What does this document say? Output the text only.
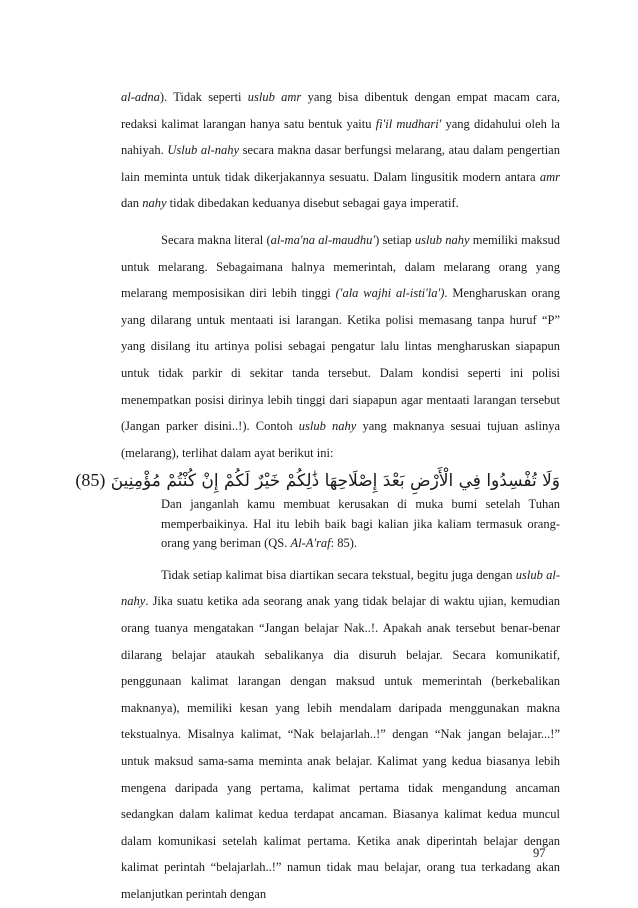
al-adna). Tidak seperti uslub amr yang bisa dibentuk dengan empat macam cara, redaksi kalimat larangan hanya satu bentuk yaitu fi'il mudhari' yang didahului oleh la nahiyah. Uslub al-nahy secara makna dasar berfungsi melarang, atau dalam pengertian lain meminta untuk tidak dikerjakannya sesuatu. Dalam lingusitik modern antara amr dan nahy tidak dibedakan keduanya disebut sebagai gaya imperatif.

Secara makna literal (al-ma'na al-maudhu') setiap uslub nahy memiliki maksud untuk melarang. Sebagaimana halnya memerintah, dalam melarang orang yang melarang memposisikan diri lebih tinggi ('ala wajhi al-isti'la'). Mengharuskan orang yang dilarang untuk mentaati isi larangan. Ketika polisi memasang tanpa huruf “P” yang disilang itu artinya polisi sebagai pengatur lalu lintas mengharuskan siapapun untuk tidak parkir di sekitar tanda tersebut. Dalam kondisi seperti ini polisi menempatkan posisi dirinya lebih tinggi dari siapapun agar mentaati larangan tersebut (Jangan parker disini..!). Contoh uslub nahy yang maknanya sesuai tujuan aslinya (melarang), terlihat dalam ayat berikut ini:

وَلَا تُفْسِدُوا فِي الْأَرْضِ بَعْدَ إِصْلَاحِهَا ذَٰلِكُمْ خَيْرٌ لَكُمْ إِنْ كُنْتُمْ مُؤْمِنِينَ (85)

Dan janganlah kamu membuat kerusakan di muka bumi setelah Tuhan memperbaikinya. Hal itu lebih baik bagi kalian jika kaliam termasuk orang-orang yang beriman (QS. Al-A'raf: 85).

Tidak setiap kalimat bisa diartikan secara tekstual, begitu juga dengan uslub al-nahy. Jika suatu ketika ada seorang anak yang tidak belajar di waktu ujian, kemudian orang tuanya mengatakan “Jangan belajar Nak..!. Apakah anak tersebut benar-benar dilarang belajar ataukah sebalikanya dia disuruh belajar. Secara komunikatif, penggunaan kalimat larangan dengan maksud untuk memerintah (berkebalikan maknanya), memiliki kesan yang lebih mendalam daripada menggunakan makna tekstualnya. Misalnya kalimat, “Nak belajarlah..!” dengan “Nak jangan belajar...!” untuk maksud sama-sama meminta anak belajar. Kalimat yang kedua biasanya lebih mengena daripada yang pertama, kalimat pertama tidak mengandung ancaman sedangkan dalam kalimat kedua terdapat ancaman. Biasanya kalimat kedua muncul dalam komunikasi setelah kalimat pertama. Ketika anak diperintah belajar dengan kalimat perintah “belajarlah..!” namun tidak mau belajar, orang tua terkadang akan melanjutkan perintah dengan

97
